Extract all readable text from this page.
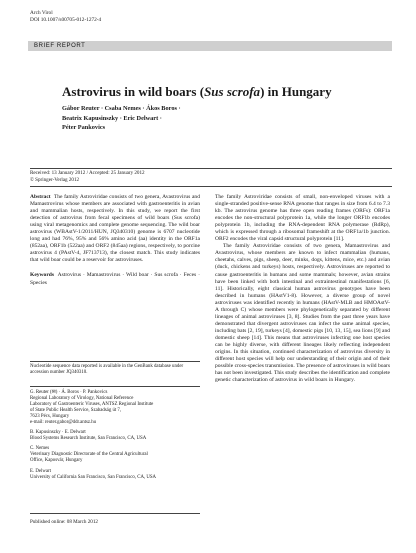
Arch Virol
DOI 10.1007/s00705-012-1272-4
BRIEF REPORT
Astrovirus in wild boars (Sus scrofa) in Hungary
Gábor Reuter · Csaba Nemes · Ákos Boros ·
Beatrix Kapusinszky · Eric Delwart ·
Péter Pankovics
Received: 13 January 2012 / Accepted: 25 January 2012
© Springer-Verlag 2012

Abstract The family Astroviridae consists of two genera, Avastrovirus and Mamastrovirus whose members are associated with gastroenteritis in avian and mammalian hosts, respectively. In this study, we report the first detection of astrovirus from fecal specimens of wild boars (Sus scrofa) using viral metagenomics and complete genome sequencing. The wild boar astrovirus (WBAstV-1/2011/HUN, JQ340310) genome is 6707 nucleotide long and had 76%, 95% and 56% amino acid (aa) identity in the ORF1a (852aa), ORF1b (522aa) and ORF2 (845aa) regions, respectively, to porcine astrovirus 4 (PAstV-4, JF713713), the closest match. This study indicates that wild boar could be a reservoir for astroviruses.

Keywords Astrovirus · Mamastrovirus · Wild boar · Sus scrofa · Feces · Species

Nucleotide sequence data reported is available in the GenBank database under accession number JQ340310.
G. Reuter (✉) · Á. Boros · P. Pankovics
Regional Laboratory of Virology, National Reference
Laboratory of Gastroenteric Viruses, ANTSZ Regional Institute
of State Public Health Service, Szabadság út 7,
7623 Pécs, Hungary
e-mail: reuter.gabor@ddr.antsz.hu
B. Kapusinszky · E. Delwart
Blood Systems Research Institute, San Francisco, CA, USA
C. Nemes
Veterinary Diagnostic Directorate of the Central Agricultural
Office, Kaposvár, Hungary
E. Delwart
University of California San Francisco, San Francisco, CA, USA
Published online: 08 March 2012

The family Astroviridae consists of small, non-enveloped viruses with a single-stranded positive-sense RNA genome that ranges in size from 6.4 to 7.3 kb. The astrovirus genome has three open reading frames (ORFs): ORF1a encodes the non-structural polyprotein 1a, while the longer ORF1b encodes polyprotein 1b, including the RNA-dependent RNA polymerase (RdRp), which is expressed through a ribosomal frameshift at the ORF1a/1b junction. ORF2 encodes the viral capsid structural polyprotein [11].

The family Astroviridae consists of two genera, Mamastrovirus and Avastrovirus, whose members are known to infect mammalian (humans, cheetahs, calves, pigs, sheep, deer, minks, dogs, kittens, mice, etc.) and avian (duck, chickens and turkeys) hosts, respectively. Astroviruses are reported to cause gastroenteritis in humans and some mammals; however, avian strains have been linked with both intestinal and extraintestinal manifestations [6, 11]. Historically, eight classical human astrovirus genotypes have been described in humans (HAstV1-8). However, a diverse group of novel astroviruses was identified recently in humans (HAstV-MLB and HMOAstV-A through C) whose members were phylogenetically separated by different lineages of animal astroviruses [3, 8]. Studies from the past three years have demonstrated that divergent astroviruses can infect the same animal species, including bats [2, 19], turkeys [4], domestic pigs [10, 13, 15], sea lions [9] and domestic sheep [14]. This means that astroviruses infecting one host species can be highly diverse, with different lineages likely reflecting independent origins. In this situation, continued characterization of astrovirus diversity in different host species will help our understanding of their origin and of their possible cross-species transmission. The presence of astroviruses in wild boars has not been investigated. This study describes the identification and complete genetic characterization of astrovirus in wild boars in Hungary.
